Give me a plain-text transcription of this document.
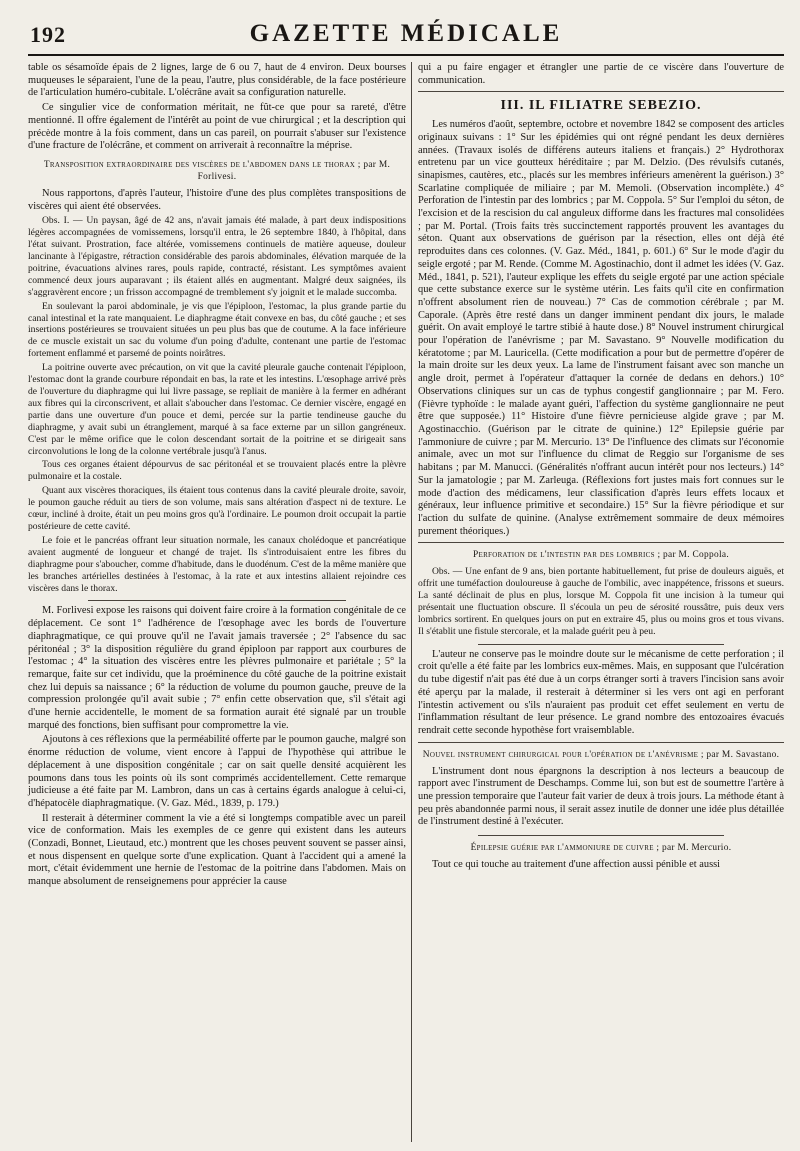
192	GAZETTE MÉDICALE

table os sésamoïde épais de 2 lignes, large de 6 ou 7, haut de 4 environ. Deux bourses muqueuses le séparaient, l'une de la peau, l'autre, plus considérable, de la face postérieure de l'articulation huméro-cubitale. L'olécrâne avait sa configuration naturelle.

Ce singulier vice de conformation méritait, ne fût-ce que pour sa rareté, d'être mentionné. Il offre également de l'intérêt au point de vue chirurgical ; et la description qui précède montre à la fois comment, dans un cas pareil, on pourrait s'abuser sur l'existence d'une fracture de l'olécrâne, et comment on arriverait à reconnaître la méprise.

Transposition extraordinaire des viscères de l'abdomen dans le thorax ; par M. Forlivesi.

Nous rapportons, d'après l'auteur, l'histoire d'une des plus complètes transpositions de viscères qui aient été observées.

Obs. I. — Un paysan, âgé de 42 ans, n'avait jamais été malade, à part deux indispositions légères accompagnées de vomissemens, lorsqu'il entra, le 26 septembre 1840, à l'hôpital, dans l'état suivant. Prostration, face altérée, vomissemens continuels de matière aqueuse, douleur lancinante à l'épigastre, rétraction considérable des parois abdominales, élévation marquée de la poitrine, évacuations alvines rares, pouls rapide, contracté, résistant. Les symptômes avaient commencé deux jours auparavant ; ils étaient allés en augmentant. Malgré deux saignées, ils s'aggravèrent encore ; un frisson accompagné de tremblement s'y joignit et le malade succomba.

En soulevant la paroi abdominale, je vis que l'épiploon, l'estomac, la plus grande partie du canal intestinal et la rate manquaient. Le diaphragme était convexe en bas, du côté gauche ; et ses insertions postérieures se trouvaient situées un peu plus bas que de coutume. A la face inférieure de ce muscle existait un sac du volume d'un poing d'adulte, contenant une partie de l'estomac fortement enflammé et parsemé de points noirâtres.

La poitrine ouverte avec précaution, on vit que la cavité pleurale gauche contenait l'épiploon, l'estomac dont la grande courbure répondait en bas, la rate et les intestins. L'œsophage arrivé près de l'ouverture du diaphragme qui lui livre passage, se repliait de manière à la fermer en adhérant aux fibres qui la circonscrivent, et allait s'aboucher dans l'estomac. Ce dernier viscère, engagé en partie dans une ouverture d'un pouce et demi, percée sur la partie tendineuse gauche du diaphragme, y avait subi un étranglement, marqué à sa face externe par un sillon gangréneux. C'est par le même orifice que le colon descendant sortait de la poitrine et se dirigeait sans circonvolutions le long de la colonne vertébrale jusqu'à l'anus.

Tous ces organes étaient dépourvus de sac péritonéal et se trouvaient placés entre la plèvre pulmonaire et la costale.

Quant aux viscères thoraciques, ils étaient tous contenus dans la cavité pleurale droite, savoir, le poumon gauche réduit au tiers de son volume, mais sans altération d'aspect ni de texture. Le cœur, incliné à droite, était un peu moins gros qu'à l'ordinaire. Le poumon droit occupait la partie postérieure de cette cavité.

Le foie et le pancréas offrant leur situation normale, les canaux cholédoque et pancréatique avaient augmenté de longueur et changé de trajet. Ils s'introduisaient entre les fibres du diaphragme pour s'aboucher, comme d'habitude, dans le duodénum. C'est de la même manière que les branches artérielles destinées à l'estomac, à la rate et aux intestins allaient rejoindre ces viscères dans le thorax.

M. Forlivesi expose les raisons qui doivent faire croire à la formation congénitale de ce déplacement. Ce sont 1° l'adhérence de l'œsophage avec les bords de l'ouverture diaphragmatique, ce qui prouve qu'il ne l'avait jamais traversée ; 2° l'absence du sac péritonéal ; 3° la disposition régulière du grand épiploon par rapport aux courbures de l'estomac ; 4° la situation des viscères entre les plèvres pulmonaire et pariétale ; 5° la remarque, faite sur cet individu, que la proéminence du côté gauche de la poitrine existait chez lui depuis sa naissance ; 6° la réduction de volume du poumon gauche, preuve de la compression prolongée qu'il avait subie ; 7° enfin cette observation que, s'il s'était agi d'une hernie accidentelle, le moment de sa formation aurait été signalé par un trouble marqué des fonctions, bien suffisant pour compromettre la vie.

Ajoutons à ces réflexions que la perméabilité offerte par le poumon gauche, malgré son énorme réduction de volume, vient encore à l'appui de l'hypothèse qui attribue le déplacement à une disposition congénitale ; car on sait quelle densité acquièrent les poumons dans tous les points où ils sont comprimés accidentellement. Cette remarque judicieuse a été faite par M. Lambron, dans un cas à certains égards analogue à celui-ci, d'hépatocèle diaphragmatique. (V. Gaz. Méd., 1839, p. 179.)

Il resterait à déterminer comment la vie a été si longtemps compatible avec un pareil vice de conformation. Mais les exemples de ce genre qui existent dans les auteurs (Conzadi, Bonnet, Lieutaud, etc.) montrent que les choses peuvent souvent se passer ainsi, et nous dispensent en quelque sorte d'une explication. Quant à l'accident qui a amené la mort, c'était évidemment une hernie de l'estomac de la poitrine dans l'abdomen. Mais on manque absolument de renseignemens pour apprécier la cause

qui a pu faire engager et étrangler une partie de ce viscère dans l'ouverture de communication.

III. IL FILIATRE SEBEZIO.

Les numéros d'août, septembre, octobre et novembre 1842 se composent des articles originaux suivans : 1° Sur les épidémies qui ont régné pendant les deux dernières années. (Travaux isolés de différens auteurs italiens et français.) 2° Hydrothorax entretenu par un vice goutteux héréditaire ; par M. Delzio. (Des révulsifs cutanés, sinapismes, cautères, etc., placés sur les membres inférieurs amenèrent la guérison.) 3° Scarlatine compliquée de miliaire ; par M. Memoli. (Observation incomplète.) 4° Perforation de l'intestin par des lombrics ; par M. Coppola. 5° Sur l'emploi du séton, de l'excision et de la rescision du cal anguleux difforme dans les fractures mal consolidées ; par M. Portal. (Trois faits très succinctement rapportés prouvent les avantages du séton. Quant aux observations de guérison par la résection, elles ont déjà été reproduites dans ces colonnes. (V. Gaz. Méd., 1841, p. 601.) 6° Sur le mode d'agir du seigle ergoté ; par M. Rende. (Comme M. Agostinachio, dont il admet les idées (V. Gaz. Méd., 1841, p. 521), l'auteur explique les effets du seigle ergoté par une action spéciale que cette substance exerce sur le système utérin. Les faits qu'il cite en confirmation n'offrent absolument rien de nouveau.) 7° Cas de commotion cérébrale ; par M. Caporale. (Après être resté dans un danger imminent pendant dix jours, le malade guérit. On avait employé le tartre stibié à haute dose.) 8° Nouvel instrument chirurgical pour l'opération de l'anévrisme ; par M. Savastano. 9° Nouvelle modification du kératotome ; par M. Lauricella. (Cette modification a pour but de permettre d'opérer de la main droite sur les deux yeux. La lame de l'instrument faisant avec son manche un angle droit, permet à l'opérateur d'attaquer la cornée de dedans en dehors.) 10° Observations cliniques sur un cas de typhus congestif ganglionnaire ; par M. Fero. (Fièvre typhoïde : le malade ayant guéri, l'affection du système ganglionnaire ne peut être que supposée.) 11° Histoire d'une fièvre pernicieuse algide grave ; par M. Agostinacchio. (Guérison par le citrate de quinine.) 12° Epilepsie guérie par l'ammoniure de cuivre ; par M. Mercurio. 13° De l'influence des climats sur l'économie animale, avec un mot sur l'influence du climat de Reggio sur l'organisme de ses habitans ; par M. Manucci. (Généralités n'offrant aucun intérêt pour nos lecteurs.) 14° Sur la jamatologie ; par M. Zarleuga. (Réflexions fort justes mais fort connues sur le mode d'action des médicamens, leur classification d'après leurs effets locaux et généraux, leur influence primitive et secondaire.) 15° Sur la fièvre périodique et sur l'action du sulfate de quinine. (Analyse extrêmement sommaire de deux mémoires purement théoriques.)

Perforation de l'intestin par des lombrics ; par M. Coppola.

Obs. — Une enfant de 9 ans, bien portante habituellement, fut prise de douleurs aiguës, et offrit une tuméfaction douloureuse à gauche de l'ombilic, avec inappétence, frissons et sueurs. La santé déclinait de plus en plus, lorsque M. Coppola fit une incision à la tumeur qui présentait une fluctuation obscure. Il s'écoula un peu de sérosité roussâtre, puis deux vers lombrics sortirent. En quelques jours on put en extraire 45, plus ou moins gros et tous vivans. Il s'établit une fistule stercorale, et la malade guérit peu à peu.

L'auteur ne conserve pas le moindre doute sur le mécanisme de cette perforation ; il croit qu'elle a été faite par les lombrics eux-mêmes. Mais, en supposant que l'ulcération du tube digestif n'ait pas été due à un corps étranger sorti à travers l'incision sans avoir été aperçu par la malade, il resterait à déterminer si les vers ont agi en perforant l'intestin activement ou s'ils n'auraient pas produit cet effet seulement en vertu de l'inflammation résultant de leur présence. Le grand nombre des entozoaires évacués rendrait cette seconde hypothèse fort vraisemblable.

Nouvel instrument chirurgical pour l'opération de l'anévrisme ; par M. Savastano.

L'instrument dont nous épargnons la description à nos lecteurs a beaucoup de rapport avec l'instrument de Deschamps. Comme lui, son but est de soumettre l'artère à une pression temporaire que l'auteur fait varier de deux à trois jours. La méthode étant à peu près abandonnée parmi nous, il serait assez inutile de donner une idée plus détaillée de l'instrument destiné à l'exécuter.

Épilepsie guérie par l'ammoniure de cuivre ; par M. Mercurio.

Tout ce qui touche au traitement d'une affection aussi pénible et aussi
